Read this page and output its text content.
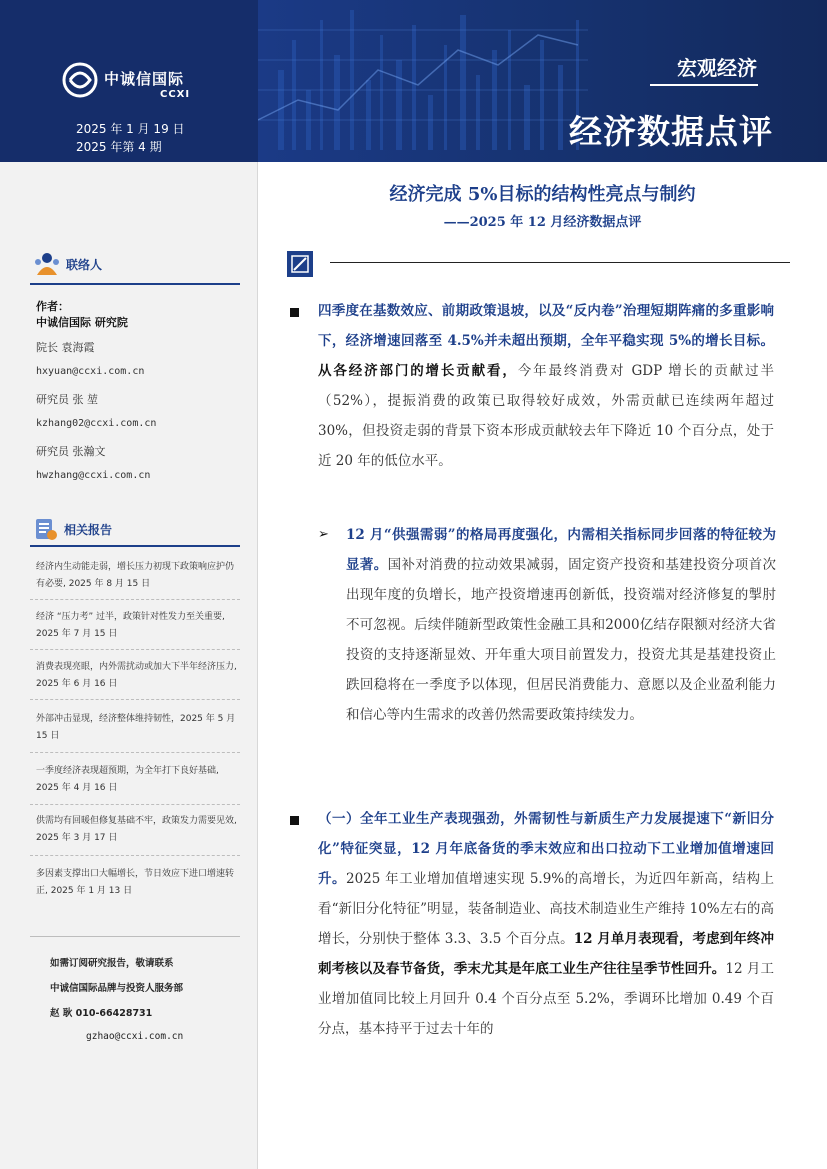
中诚信国际
CCXI
2025 年 1 月 19 日
2025 年第 4 期
宏观经济
经济数据点评
联络人
作者：
中诚信国际 研究院
院长 袁海霞
hxyuan@ccxi.com.cn
研究员 张 堃
kzhang02@ccxi.com.cn
研究员 张瀚文
hwzhang@ccxi.com.cn
相关报告
经济内生动能走弱，增长压力初现下政策响应护仍有必要, 2025 年 8 月 15 日
经济 “压力考” 过半，政策针对性发力至关重要, 2025 年 7 月 15 日
消费表现亮眼，内外需扰动或加大下半年经济压力, 2025 年 6 月 16 日
外部冲击显现，经济整体维持韧性，2025 年 5 月 15 日
一季度经济表现超预期，为全年打下良好基础, 2025 年 4 月 16 日
供需均有回暖但修复基础不牢，政策发力需要见效, 2025 年 3 月 17 日
多因素支撑出口大幅增长，节日效应下进口增速转正, 2025 年 1 月 13 日
如需订阅研究报告，敬请联系
中诚信国际品牌与投资人服务部
赵 耿 010-66428731
gzhao@ccxi.com.cn
经济完成 5%目标的结构性亮点与制约
——2025 年 12 月经济数据点评
四季度在基数效应、前期政策退坡，以及“反内卷”治理短期阵痛的多重影响下，经济增速回落至 4.5%并未超出预期，全年平稳实现 5%的增长目标。从各经济部门的增长贡献看，今年最终消费对 GDP 增长的贡献过半（52%），提振消费的政策已取得较好成效，外需贡献已连续两年超过 30%，但投资走弱的背景下资本形成贡献较去年下降近 10 个百分点，处于近 20 年的低位水平。
➢ 12 月“供强需弱”的格局再度强化，内需相关指标同步回落的特征较为显著。国补对消费的拉动效果减弱，固定资产投资和基建投资分项首次出现年度的负增长，地产投资增速再创新低，投资端对经济修复的掣肘不可忽视。后续伴随新型政策性金融工具和2000亿结存限额对经济大省投资的支持逐渐显效、开年重大项目前置发力，投资尤其是基建投资止跌回稳将在一季度予以体现，但居民消费能力、意愿以及企业盈利能力和信心等内生需求的改善仍然需要政策持续发力。
（一）全年工业生产表现强劲，外需韧性与新质生产力发展提速下“新旧分化”特征突显，12 月年底备货的季末效应和出口拉动下工业增加值增速回升。2025 年工业增加值增速实现 5.9%的高增长，为近四年新高，结构上看“新旧分化特征”明显，装备制造业、高技术制造业生产维持 10%左右的高增长，分别快于整体 3.3、3.5 个百分点。12 月单月表现看，考虑到年终冲刺考核以及春节备货，季末尤其是年底工业生产往往呈季节性回升。12 月工业增加值同比较上月回升 0.4 个百分点至 5.2%，季调环比增加 0.49 个百分点，基本持平于过去十年的
